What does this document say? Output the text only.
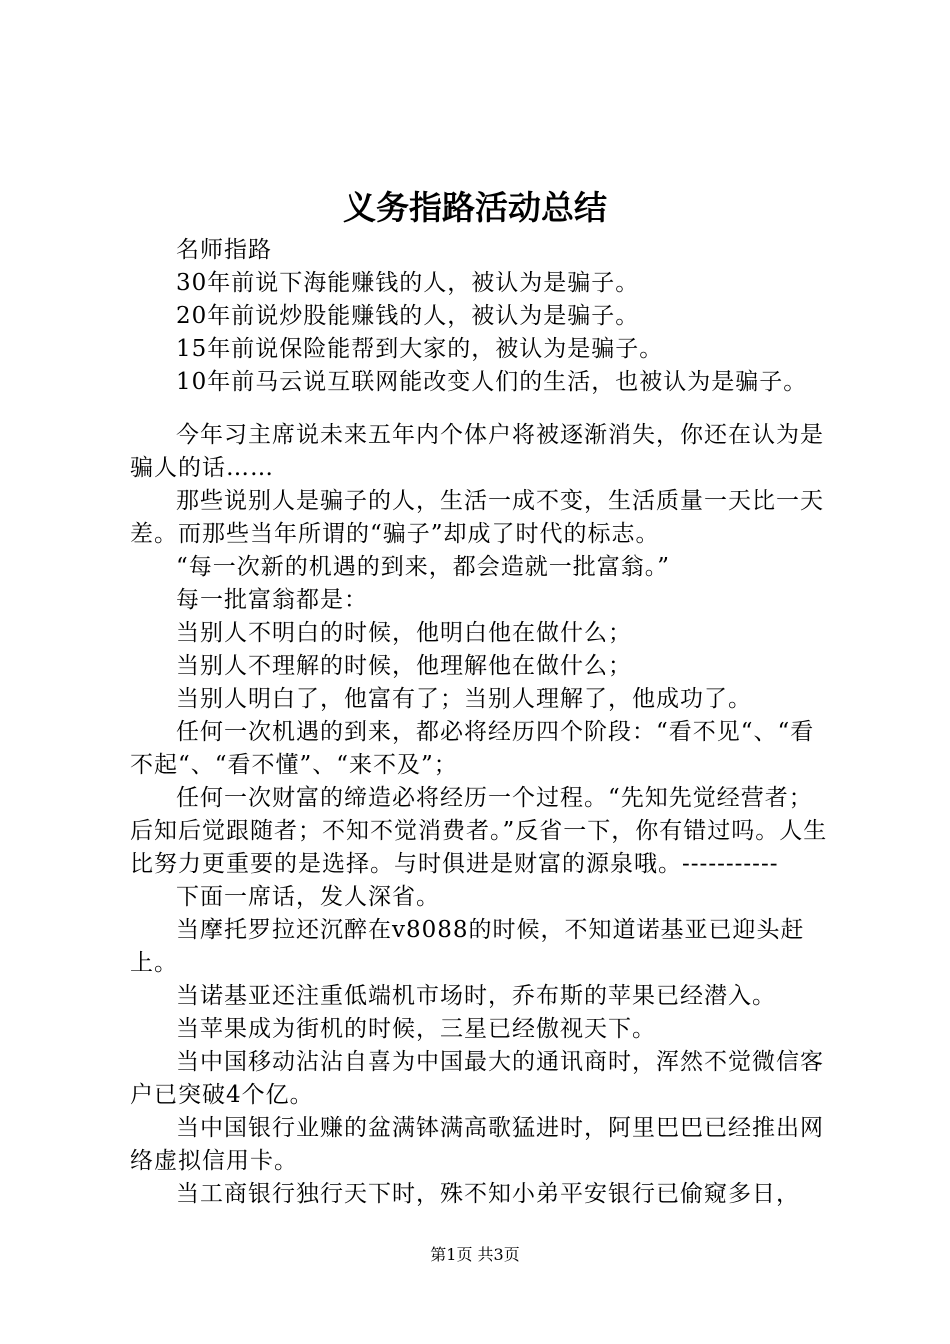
义务指路活动总结

名师指路

30年前说下海能赚钱的人，被认为是骗子。

20年前说炒股能赚钱的人，被认为是骗子。

15年前说保险能帮到大家的，被认为是骗子。

10年前马云说互联网能改变人们的生活，也被认为是骗子。

今年习主席说未来五年内个体户将被逐渐消失，你还在认为是骗人的话……

那些说别人是骗子的人，生活一成不变，生活质量一天比一天差。而那些当年所谓的“骗子”却成了时代的标志。

“每一次新的机遇的到来，都会造就一批富翁。”

每一批富翁都是：

当别人不明白的时候，他明白他在做什么；

当别人不理解的时候，他理解他在做什么；

当别人明白了，他富有了；当别人理解了，他成功了。

任何一次机遇的到来，都必将经历四个阶段：“看不见“、“看不起“、“看不懂”、“来不及”；

任何一次财富的缔造必将经历一个过程。“先知先觉经营者；后知后觉跟随者；不知不觉消费者。”反省一下，你有错过吗。人生比努力更重要的是选择。与时俱进是财富的源泉哦。-----------

下面一席话，发人深省。

当摩托罗拉还沉醉在v8088的时候，不知道诺基亚已迎头赶上。

当诺基亚还注重低端机市场时，乔布斯的苹果已经潜入。

当苹果成为街机的时候，三星已经傲视天下。

当中国移动沾沾自喜为中国最大的通讯商时，浑然不觉微信客户已突破4个亿。

当中国银行业赚的盆满钵满高歌猛进时，阿里巴巴已经推出网络虚拟信用卡。

当工商银行独行天下时，殊不知小弟平安银行已偷窥多日，

第1页 共3页
